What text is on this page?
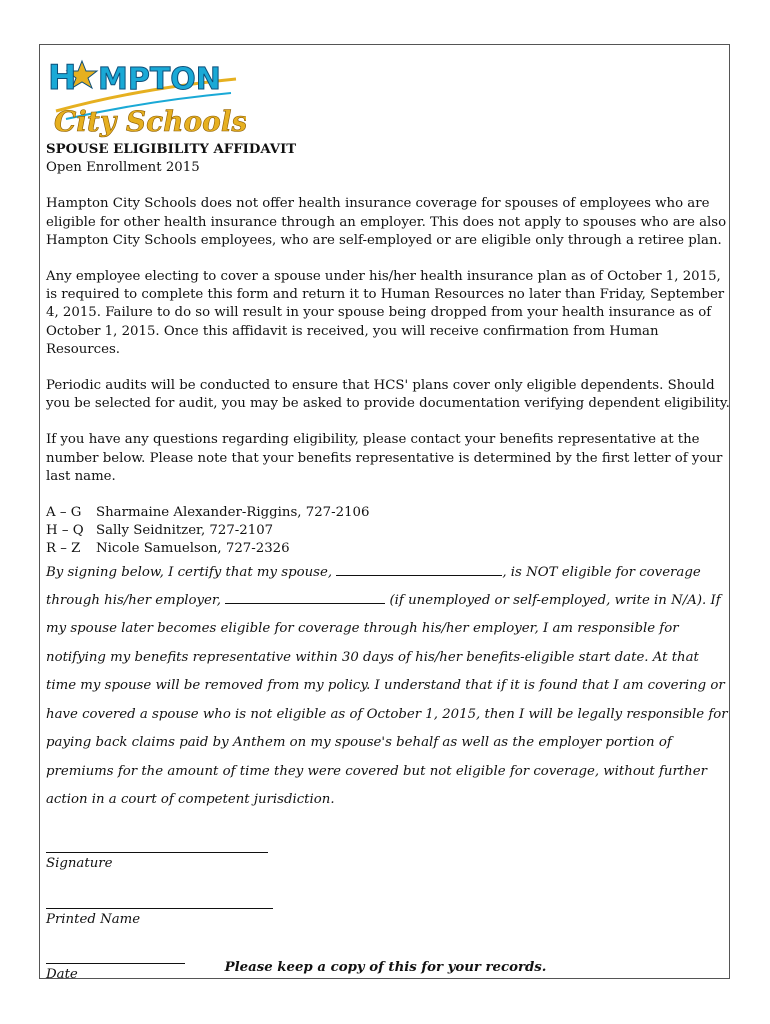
H MPTON
City Schools
SPOUSE ELIGIBILITY AFFIDAVIT

Open Enrollment 2015

Hampton City Schools does not offer health insurance coverage for spouses of employees who are eligible for other health insurance through an employer. This does not apply to spouses who are also Hampton City Schools employees, who are self-employed or are eligible only through a retiree plan.

Any employee electing to cover a spouse under his/her health insurance plan as of October 1, 2015, is required to complete this form and return it to Human Resources no later than Friday, September 4, 2015. Failure to do so will result in your spouse being dropped from your health insurance as of October 1, 2015. Once this affidavit is received, you will receive confirmation from Human Resources.

Periodic audits will be conducted to ensure that HCS' plans cover only eligible dependents. Should you be selected for audit, you may be asked to provide documentation verifying dependent eligibility.

If you have any questions regarding eligibility, please contact your benefits representative at the number below. Please note that your benefits representative is determined by the first letter of your last name.

A – G Sharmaine Alexander-Riggins, 727-2106
H – Q Sally Seidnitzer, 727-2107
R – Z Nicole Samuelson, 727-2326

By signing below, I certify that my spouse,	, is NOT eligible for coverage through his/her employer,	(if unemployed or self-employed, write in N/A). If my spouse later becomes eligible for coverage through his/her employer, I am responsible for notifying my benefits representative within 30 days of his/her benefits-eligible start date. At that time my spouse will be removed from my policy. I understand that if it is found that I am covering or have covered a spouse who is not eligible as of October 1, 2015, then I will be legally responsible for paying back claims paid by Anthem on my spouse's behalf as well as the employer portion of premiums for the amount of time they were covered but not eligible for coverage, without further action in a court of competent jurisdiction.

Signature
Printed Name
Date	Please keep a copy of this for your records.
